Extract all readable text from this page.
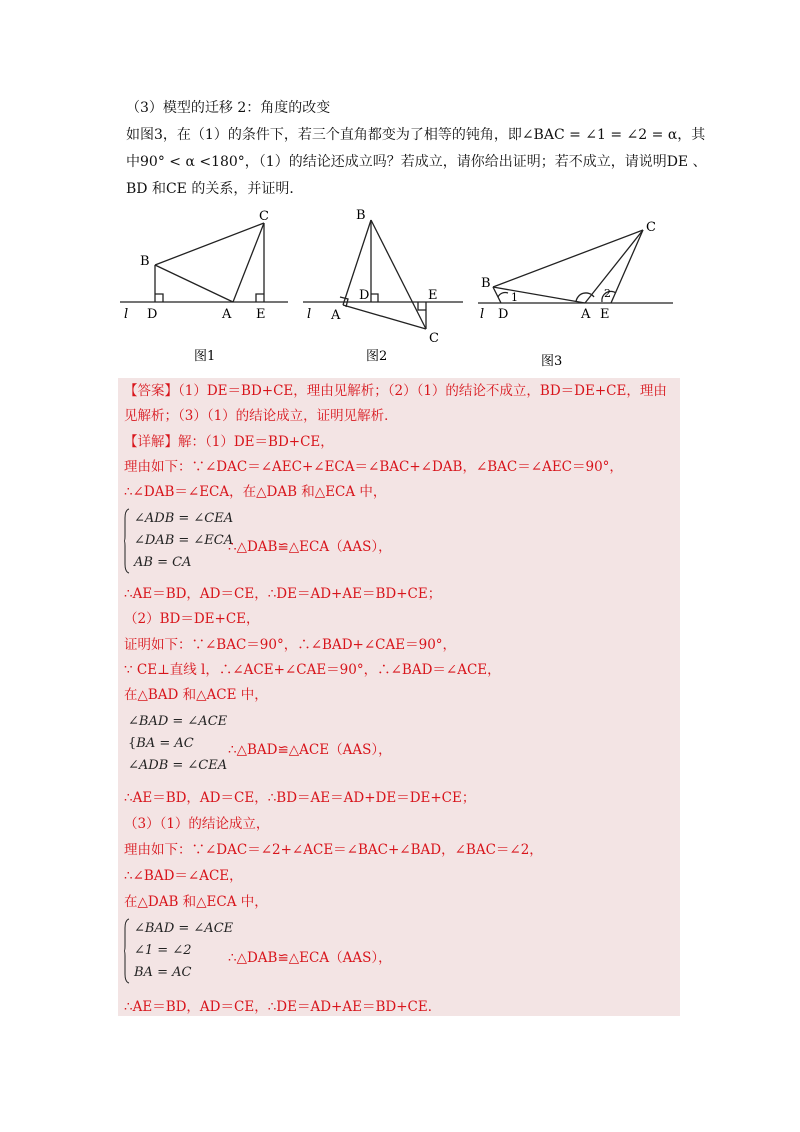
（3）模型的迁移 2：角度的改变
如图3，在（1）的条件下，若三个直角都变为了相等的钝角，即∠BAC = ∠1 = ∠2 = α，其
中90° < α <180°，（1）的结论还成立吗？若成立，请你给出证明；若不成立，请说明DE 、
BD 和CE 的关系，并证明．
B
C
D	A E
l
图1
B
D
A
E
C
l
图2
B
C
D	A E
l
1	2
图3
【答案】（1）DE＝BD+CE，理由见解析；（2）（1）的结论不成立，BD＝DE+CE，理由
见解析；（3）（1）的结论成立，证明见解析．
【详解】解：（1）DE＝BD+CE，
理由如下：∵∠DAC＝∠AEC+∠ECA＝∠BAC+∠DAB，∠BAC＝∠AEC＝90°，
∴∠DAB＝∠ECA，在△DAB 和△ECA 中，
∠ADB = ∠CEA
∠DAB = ∠ECA
AB = CA
∴△DAB≌△ECA（AAS），
∴AE＝BD，AD＝CE，∴DE＝AD+AE＝BD+CE；
（2）BD＝DE+CE，
证明如下：∵∠BAC＝90°，∴∠BAD+∠CAE＝90°，
∵ CE⊥直线 l，∴∠ACE+∠CAE＝90°，∴∠BAD＝∠ACE，
在△BAD 和△ACE 中，
∠BAD = ∠ACE
{BA = AC
∠ADB = ∠CEA
∴△BAD≌△ACE（AAS），
∴AE＝BD，AD＝CE，∴BD＝AE＝AD+DE＝DE+CE；
（3）（1）的结论成立，
理由如下：∵∠DAC＝∠2+∠ACE＝∠BAC+∠BAD，∠BAC＝∠2，
∴∠BAD＝∠ACE，
在△DAB 和△ECA 中，
∠BAD = ∠ACE
∠1 = ∠2
BA = AC
∴△DAB≌△ECA（AAS），
∴AE＝BD，AD＝CE，∴DE＝AD+AE＝BD+CE．
